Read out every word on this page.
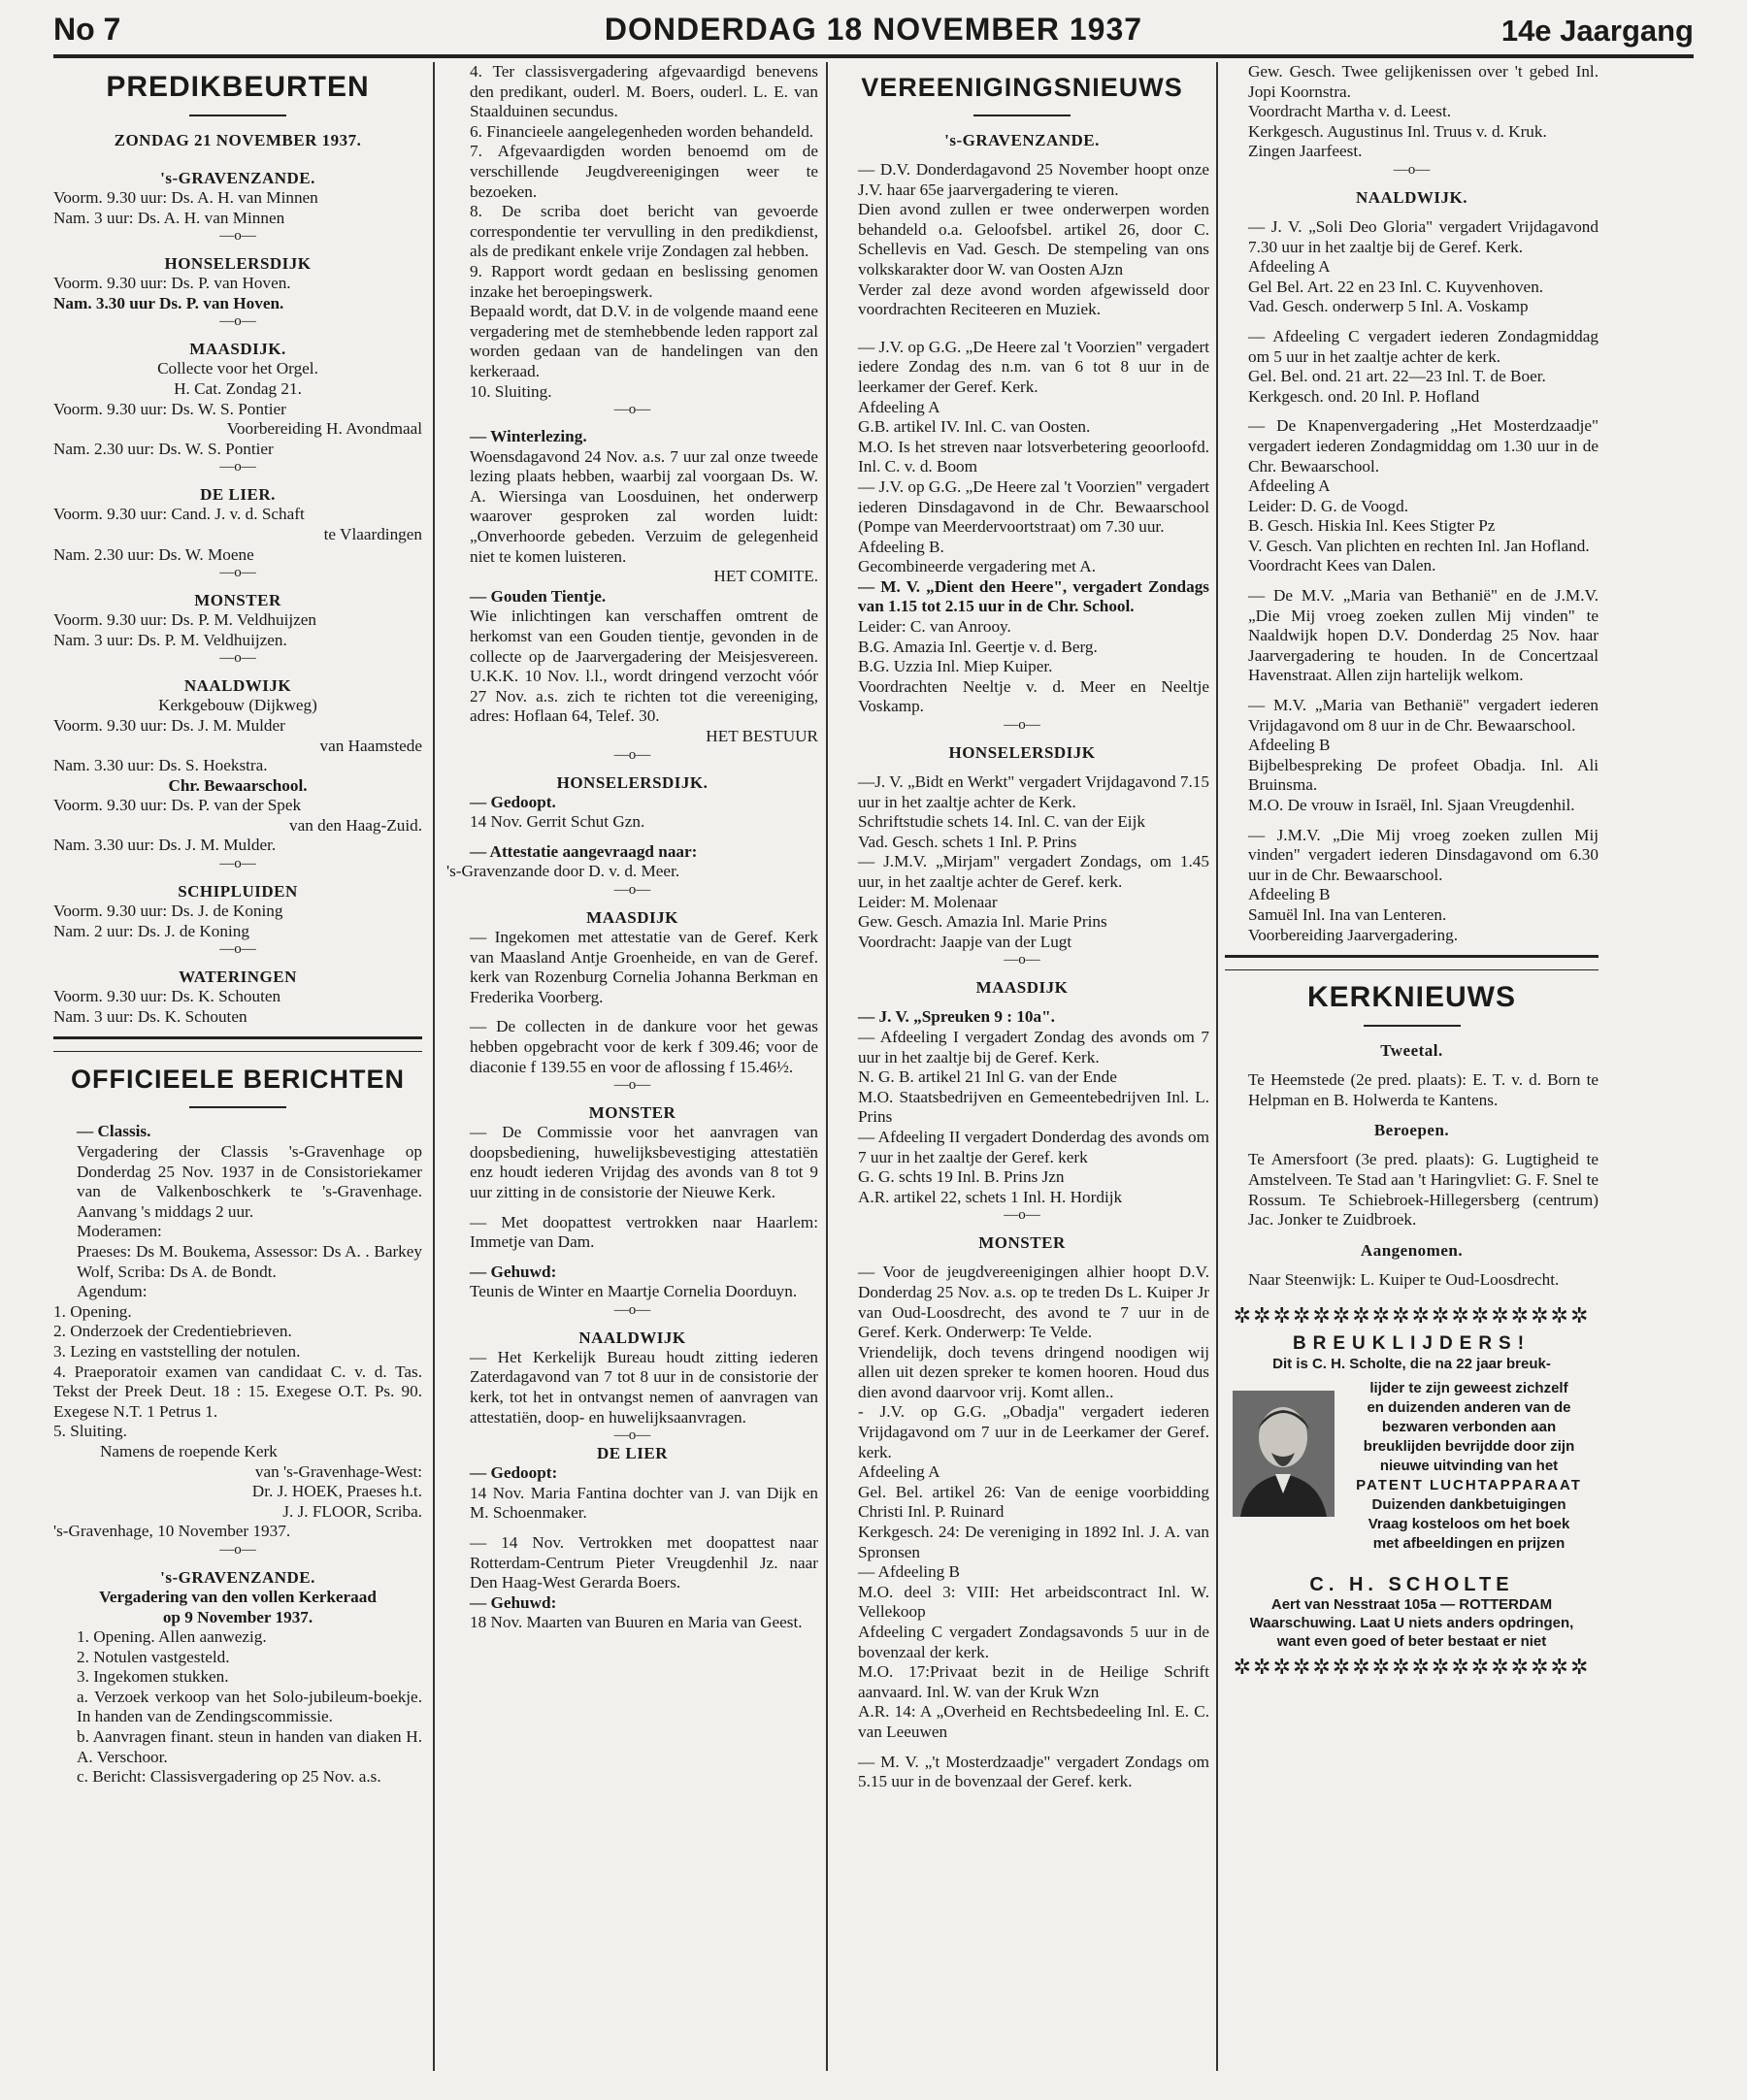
No 7	DONDERDAG 18 NOVEMBER 1937	14e Jaargang
PREDIKBEURTEN
ZONDAG 21 NOVEMBER 1937.
's-GRAVENZANDE.
Voorm. 9.30 uur: Ds. A. H. van Minnen
Nam. 3 uur: Ds. A. H. van Minnen
—o—
HONSELERSDIJK
Voorm. 9.30 uur: Ds. P. van Hoven.
Nam. 3.30 uur Ds. P. van Hoven.
—o—
MAASDIJK.
Collecte voor het Orgel.
H. Cat. Zondag 21.
Voorm. 9.30 uur: Ds. W. S. Pontier
Voorbereiding H. Avondmaal
Nam. 2.30 uur: Ds. W. S. Pontier
—o—
DE LIER.
Voorm. 9.30 uur: Cand. J. v. d. Schaft
te Vlaardingen
Nam. 2.30 uur: Ds. W. Moene
—o—
MONSTER
Voorm. 9.30 uur: Ds. P. M. Veldhuijzen
Nam. 3 uur: Ds. P. M. Veldhuijzen.
—o—
NAALDWIJK
Kerkgebouw (Dijkweg)
Voorm. 9.30 uur: Ds. J. M. Mulder
van Haamstede
Nam. 3.30 uur: Ds. S. Hoekstra.
Chr. Bewaarschool.
Voorm. 9.30 uur: Ds. P. van der Spek
van den Haag-Zuid.
Nam. 3.30 uur: Ds. J. M. Mulder.
—o—
SCHIPLUIDEN
Voorm. 9.30 uur: Ds. J. de Koning
Nam. 2 uur: Ds. J. de Koning
—o—
WATERINGEN
Voorm. 9.30 uur: Ds. K. Schouten
Nam. 3 uur: Ds. K. Schouten
OFFICIEELE BERICHTEN
— Classis.
Vergadering der Classis 's-Gravenhage op Donderdag 25 Nov. 1937 in de Consistoriekamer van de Valkenboschkerk te 's-Gravenhage. Aanvang 's middags 2 uur.
Moderamen:
Praeses: Ds M. Boukema, Assessor: Ds A. . Barkey Wolf, Scriba: Ds A. de Bondt.
Agendum:
1. Opening.
2. Onderzoek der Credentiebrieven.
3. Lezing en vaststelling der notulen.
4. Praeporatoir examen van candidaat C. v. d. Tas. Tekst der Preek Deut. 18 : 15. Exegese O.T. Ps. 90. Exegese N.T. 1 Petrus 1.
5. Sluiting.
Namens de roepende Kerk
van 's-Gravenhage-West:
Dr. J. HOEK, Praeses h.t.
J. J. FLOOR, Scriba.
's-Gravenhage, 10 November 1937.
—o—
's-GRAVENZANDE.
Vergadering van den vollen Kerkeraad
op 9 November 1937.
1. Opening. Allen aanwezig.
2. Notulen vastgesteld.
3. Ingekomen stukken.
a. Verzoek verkoop van het Solo-jubileum-boekje. In handen van de Zendingscommissie.
b. Aanvragen finant. steun in handen van diaken H. A. Verschoor.
c. Bericht: Classisvergadering op 25 Nov. a.s.
4. Ter classisvergadering afgevaardigd benevens den predikant, ouderl. M. Boers, ouderl. L. E. van Staalduinen secundus.
6. Financieele aangelegenheden worden behandeld.
7. Afgevaardigden worden benoemd om de verschillende Jeugdvereenigingen weer te bezoeken.
8. De scriba doet bericht van gevoerde correspondentie ter vervulling in den predikdienst, als de predikant enkele vrije Zondagen zal hebben.
9. Rapport wordt gedaan en beslissing genomen inzake het beroepingswerk.
Bepaald wordt, dat D.V. in de volgende maand eene vergadering met de stemhebbende leden rapport zal worden gedaan van de handelingen van den kerkeraad.
10. Sluiting.
—o—
— Winterlezing.
Woensdagavond 24 Nov. a.s. 7 uur zal onze tweede lezing plaats hebben, waarbij zal voorgaan Ds. W. A. Wiersinga van Loosduinen, het onderwerp waarover gesproken zal worden luidt: „Onverhoorde gebeden. Verzuim de gelegenheid niet te komen luisteren.
HET COMITE.
— Gouden Tientje.
Wie inlichtingen kan verschaffen omtrent de herkomst van een Gouden tientje, gevonden in de collecte op de Jaarvergadering der Meisjesvereen. U.K.K. 10 Nov. l.l., wordt dringend verzocht vóór 27 Nov. a.s. zich te richten tot die vereeniging, adres: Hoflaan 64, Telef. 30.
HET BESTUUR
—o—
HONSELERSDIJK.
— Gedoopt.
14 Nov. Gerrit Schut Gzn.
— Attestatie aangevraagd naar:
's-Gravenzande door D. v. d. Meer.
—o—
MAASDIJK
— Ingekomen met attestatie van de Geref. Kerk van Maasland Antje Groenheide, en van de Geref. kerk van Rozenburg Cornelia Johanna Berkman en Frederika Voorberg.
— De collecten in de dankure voor het gewas hebben opgebracht voor de kerk f 309.46; voor de diaconie f 139.55 en voor de aflossing f 15.46½.
—o—
MONSTER
— De Commissie voor het aanvragen van doopsbediening, huwelijksbevestiging attestatiën enz houdt iederen Vrijdag des avonds van 8 tot 9 uur zitting in de consistorie der Nieuwe Kerk.
— Met doopattest vertrokken naar Haarlem: Immetje van Dam.
— Gehuwd:
Teunis de Winter en Maartje Cornelia Doorduyn.
—o—
NAALDWIJK
— Het Kerkelijk Bureau houdt zitting iederen Zaterdagavond van 7 tot 8 uur in de consistorie der kerk, tot het in ontvangst nemen of aanvragen van attestatiën, doop- en huwelijksaanvragen.
—o—
DE LIER
— Gedoopt:
14 Nov. Maria Fantina dochter van J. van Dijk en M. Schoenmaker.
— 14 Nov. Vertrokken met doopattest naar Rotterdam-Centrum Pieter Vreugdenhil Jz. naar Den Haag-West Gerarda Boers.
— Gehuwd:
18 Nov. Maarten van Buuren en Maria van Geest.
VEREENIGINGSNIEUWS
's-GRAVENZANDE.
— D.V. Donderdagavond 25 November hoopt onze J.V. haar 65e jaarvergadering te vieren.
Dien avond zullen er twee onderwerpen worden behandeld o.a. Geloofsbel. artikel 26, door C. Schellevis en Vad. Gesch. De stempeling van ons volkskarakter door W. van Oosten AJzn
Verder zal deze avond worden afgewisseld door voordrachten Reciteeren en Muziek.
— J.V. op G.G. „De Heere zal 't Voorzien" vergadert iedere Zondag des n.m. van 6 tot 8 uur in de leerkamer der Geref. Kerk.
Afdeeling A
G.B. artikel IV. Inl. C. van Oosten.
M.O. Is het streven naar lotsverbetering geoorloofd. Inl. C. v. d. Boom
— J.V. op G.G. „De Heere zal 't Voorzien" vergadert iederen Dinsdagavond in de Chr. Bewaarschool (Pompe van Meerdervoortstraat) om 7.30 uur.
Afdeeling B.
Gecombineerde vergadering met A.
— M. V. „Dient den Heere", vergadert Zondags van 1.15 tot 2.15 uur in de Chr. School.
Leider: C. van Anrooy.
B.G. Amazia Inl. Geertje v. d. Berg.
B.G. Uzzia Inl. Miep Kuiper.
Voordrachten Neeltje v. d. Meer en Neeltje Voskamp.
—o—
HONSELERSDIJK
—J. V. „Bidt en Werkt" vergadert Vrijdagavond 7.15 uur in het zaaltje achter de Kerk.
Schriftstudie schets 14. Inl. C. van der Eijk
Vad. Gesch. schets 1 Inl. P. Prins
— J.M.V. „Mirjam" vergadert Zondags, om 1.45 uur, in het zaaltje achter de Geref. kerk.
Leider: M. Molenaar
Gew. Gesch. Amazia Inl. Marie Prins
Voordracht: Jaapje van der Lugt
—o—
MAASDIJK
— J. V. „Spreuken 9 : 10a".
— Afdeeling I vergadert Zondag des avonds om 7 uur in het zaaltje bij de Geref. Kerk.
N. G. B. artikel 21 Inl G. van der Ende
M.O. Staatsbedrijven en Gemeentebedrijven Inl. L. Prins
— Afdeeling II vergadert Donderdag des avonds om 7 uur in het zaaltje der Geref. kerk
G. G. schts 19 Inl. B. Prins Jzn
A.R. artikel 22, schets 1 Inl. H. Hordijk
—o—
MONSTER
— Voor de jeugdvereenigingen alhier hoopt D.V. Donderdag 25 Nov. a.s. op te treden Ds L. Kuiper Jr van Oud-Loosdrecht, des avond te 7 uur in de Geref. Kerk. Onderwerp: Te Velde.
Vriendelijk, doch tevens dringend noodigen wij allen uit dezen spreker te komen hooren. Houd dus dien avond daarvoor vrij. Komt allen..
- J.V. op G.G. „Obadja" vergadert iederen Vrijdagavond om 7 uur in de Leerkamer der Geref. kerk.
Afdeeling A
Gel. Bel. artikel 26: Van de eenige voorbidding Christi Inl. P. Ruinard
Kerkgesch. 24: De vereniging in 1892 Inl. J. A. van Spronsen
— Afdeeling B
M.O. deel 3: VIII: Het arbeidscontract Inl. W. Vellekoop
Afdeeling C vergadert Zondagsavonds 5 uur in de bovenzaal der kerk.
M.O. 17:Privaat bezit in de Heilige Schrift aanvaard. Inl. W. van der Kruk Wzn
A.R. 14: A „Overheid en Rechtsbedeeling Inl. E. C. van Leeuwen
— M. V. „'t Mosterdzaadje" vergadert Zondags om 5.15 uur in de bovenzaal der Geref. kerk.
Gew. Gesch. Twee gelijkenissen over 't gebed Inl. Jopi Koornstra.
Voordracht Martha v. d. Leest.
Kerkgesch. Augustinus Inl. Truus v. d. Kruk.
Zingen Jaarfeest.
—o—
NAALDWIJK.
— J. V. „Soli Deo Gloria" vergadert Vrijdagavond 7.30 uur in het zaaltje bij de Geref. Kerk.
Afdeeling A
Gel Bel. Art. 22 en 23 Inl. C. Kuyvenhoven.
Vad. Gesch. onderwerp 5 Inl. A. Voskamp
— Afdeeling C vergadert iederen Zondagmiddag om 5 uur in het zaaltje achter de kerk.
Gel. Bel. ond. 21 art. 22—23 Inl. T. de Boer.
Kerkgesch. ond. 20 Inl. P. Hofland
— De Knapenvergadering „Het Mosterdzaadje" vergadert iederen Zondagmiddag om 1.30 uur in de Chr. Bewaarschool.
Afdeeling A
Leider: D. G. de Voogd.
B. Gesch. Hiskia Inl. Kees Stigter Pz
V. Gesch. Van plichten en rechten Inl. Jan Hofland.
Voordracht Kees van Dalen.
— De M.V. „Maria van Bethanië" en de J.M.V. „Die Mij vroeg zoeken zullen Mij vinden" te Naaldwijk hopen D.V. Donderdag 25 Nov. haar Jaarvergadering te houden. In de Concertzaal Havenstraat. Allen zijn hartelijk welkom.
— M.V. „Maria van Bethanië" vergadert iederen Vrijdagavond om 8 uur in de Chr. Bewaarschool.
Afdeeling B
Bijbelbespreking De profeet Obadja. Inl. Ali Bruinsma.
M.O. De vrouw in Israël, Inl. Sjaan Vreugdenhil.
— J.M.V. „Die Mij vroeg zoeken zullen Mij vinden" vergadert iederen Dinsdagavond om 6.30 uur in de Chr. Bewaarschool.
Afdeeling B
Samuël Inl. Ina van Lenteren.
Voorbereiding Jaarvergadering.
KERKNIEUWS
Tweetal.
Te Heemstede (2e pred. plaats): E. T. v. d. Born te Helpman en B. Holwerda te Kantens.
Beroepen.
Te Amersfoort (3e pred. plaats): G. Lugtigheid te Amstelveen. Te Stad aan 't Haringvliet: G. F. Snel te Rossum. Te Schiebroek-Hillegersberg (centrum) Jac. Jonker te Zuidbroek.
Aangenomen.
Naar Steenwijk: L. Kuiper te Oud-Loosdrecht.
✲✲✲✲✲✲✲✲✲✲✲✲✲✲✲✲✲✲
BREUKLIJDERS!
Dit is C. H. Scholte, die na 22 jaar breuk-
lijder te zijn geweest zichzelf
en duizenden anderen van de
bezwaren verbonden aan
breuklijden bevrijdde door zijn
nieuwe uitvinding van het
PATENT LUCHTAPPARAAT
Duizenden dankbetuigingen
Vraag kosteloos om het boek
met afbeeldingen en prijzen
C. H. SCHOLTE
Aert van Nesstraat 105a — ROTTERDAM
Waarschuwing. Laat U niets anders opdringen,
want even goed of beter bestaat er niet
✲✲✲✲✲✲✲✲✲✲✲✲✲✲✲✲✲✲
